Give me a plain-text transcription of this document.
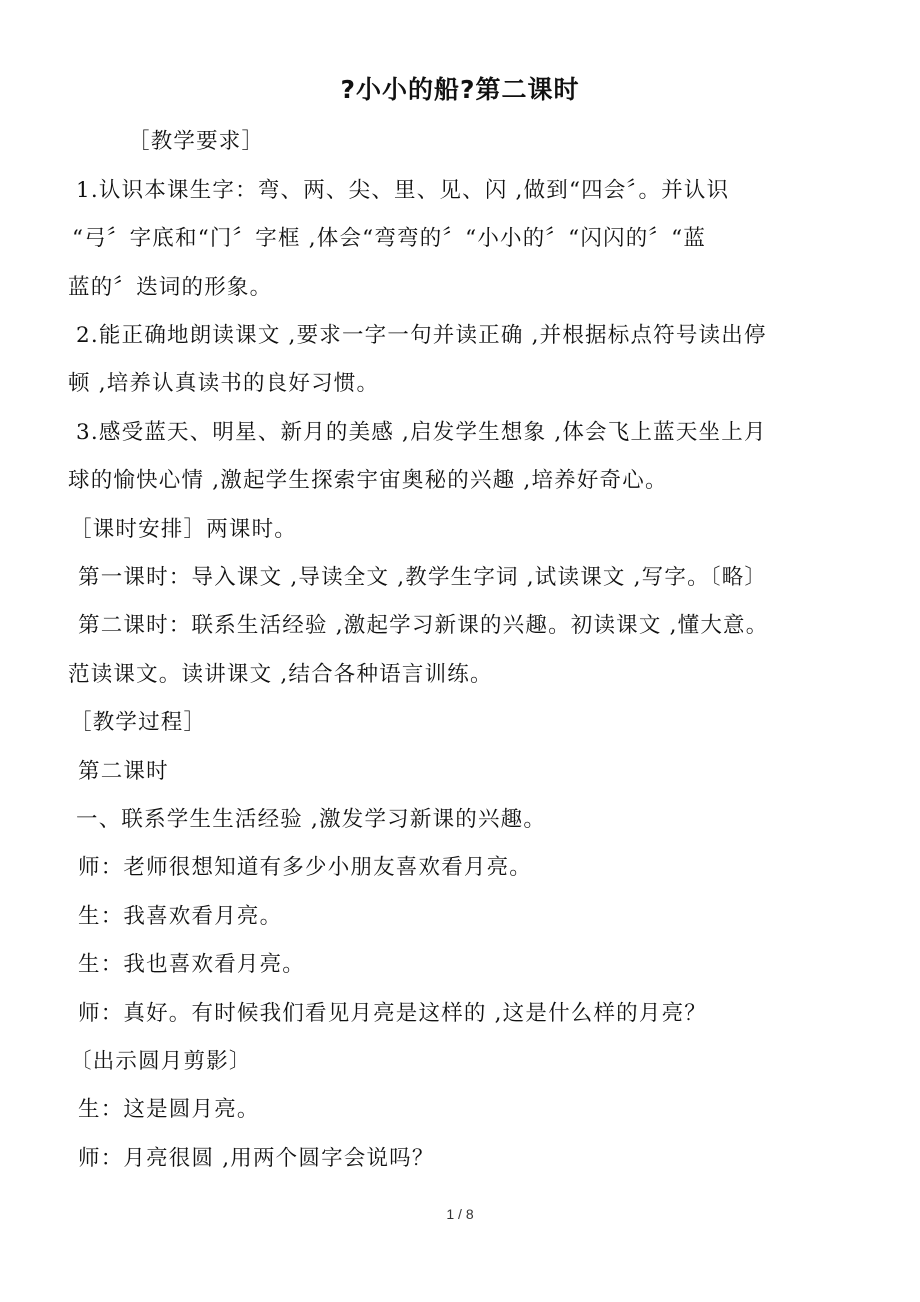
?小小的船?第二课时
［教学要求］
1.认识本课生字：弯、两、尖、里、见、闪 ,做到“四会〞。并认识
“弓〞字底和“门〞字框 ,体会“弯弯的〞“小小的〞“闪闪的〞“蓝
蓝的〞迭词的形象。
2.能正确地朗读课文 ,要求一字一句并读正确 ,并根据标点符号读出停
顿 ,培养认真读书的良好习惯。
3.感受蓝天、明星、新月的美感 ,启发学生想象 ,体会飞上蓝天坐上月
球的愉快心情 ,激起学生探索宇宙奥秘的兴趣 ,培养好奇心。
［课时安排］两课时。
第一课时：导入课文 ,导读全文 ,教学生字词 ,试读课文 ,写字。〔略〕
第二课时：联系生活经验 ,激起学习新课的兴趣。初读课文 ,懂大意。
范读课文。读讲课文 ,结合各种语言训练。
［教学过程］
第二课时
一、联系学生生活经验 ,激发学习新课的兴趣。
师：老师很想知道有多少小朋友喜欢看月亮。
生：我喜欢看月亮。
生：我也喜欢看月亮。
师：真好。有时候我们看见月亮是这样的 ,这是什么样的月亮？
〔出示圆月剪影〕
生：这是圆月亮。
师：月亮很圆 ,用两个圆字会说吗？
1 / 8
